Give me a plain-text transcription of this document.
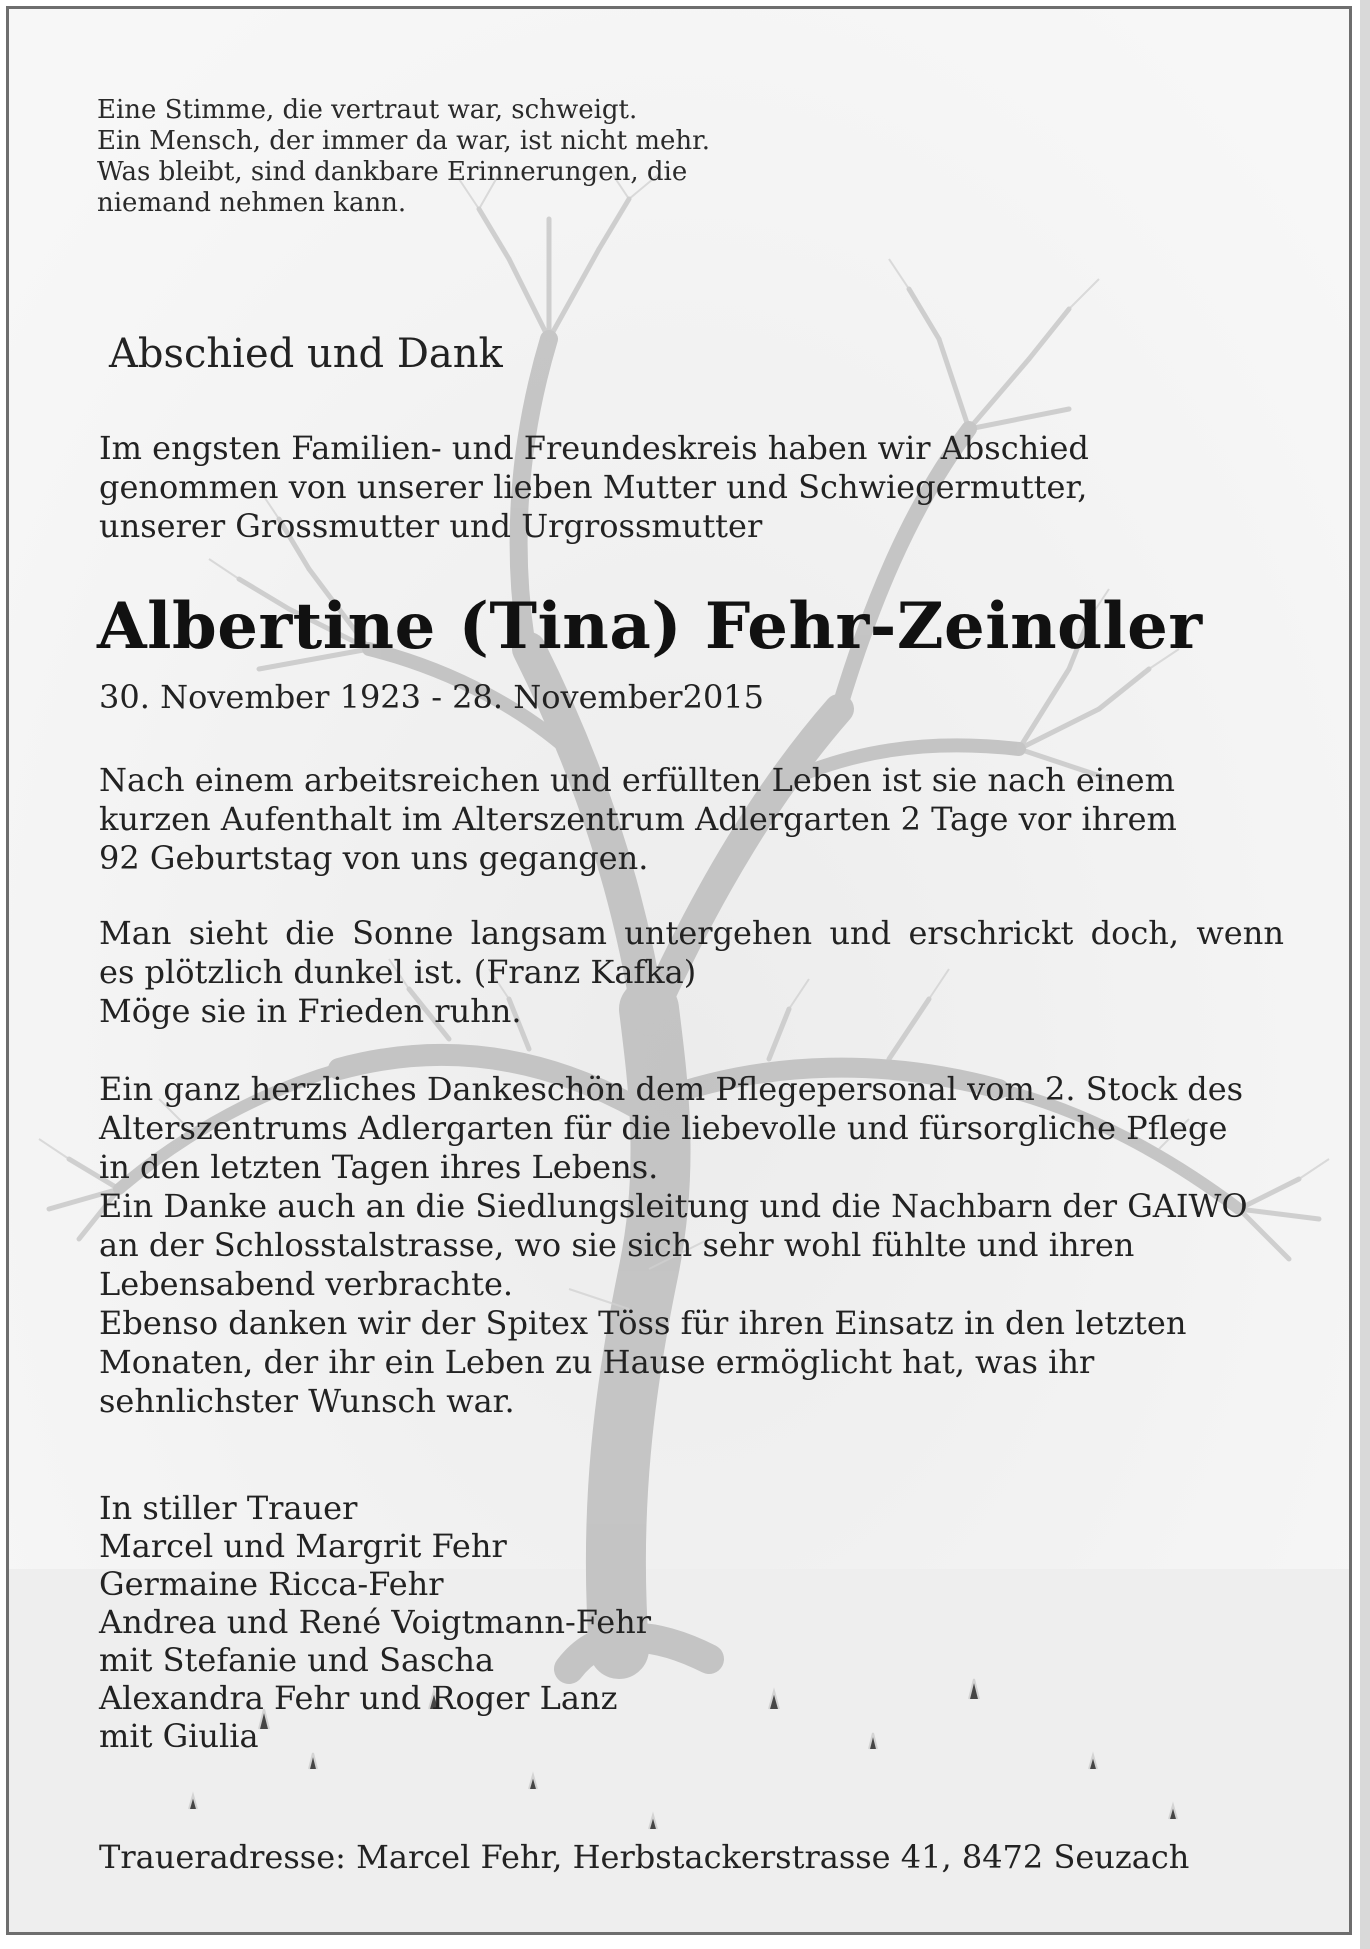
Eine Stimme, die vertraut war, schweigt.
Ein Mensch, der immer da war, ist nicht mehr.
Was bleibt, sind dankbare Erinnerungen, die
niemand nehmen kann.
Abschied und Dank
Im engsten Familien- und Freundeskreis haben wir Abschied
genommen von unserer lieben Mutter und Schwiegermutter,
unserer Grossmutter und Urgrossmutter
Albertine (Tina) Fehr-Zeindler
30. November 1923 - 28. November2015
Nach einem arbeitsreichen und erfüllten Leben ist sie nach einem
kurzen Aufenthalt im Alterszentrum Adlergarten 2 Tage vor ihrem
92 Geburtstag von uns gegangen.
Man sieht die Sonne langsam untergehen und erschrickt doch, wenn
es plötzlich dunkel ist. (Franz Kafka)
Möge sie in Frieden ruhn.
Ein ganz herzliches Dankeschön dem Pflegepersonal vom 2. Stock des
Alterszentrums Adlergarten für die liebevolle und fürsorgliche Pflege
in den letzten Tagen ihres Lebens.
Ein Danke auch an die Siedlungsleitung und die Nachbarn der GAIWO
an der Schlosstalstrasse, wo sie sich sehr wohl fühlte und ihren
Lebensabend verbrachte.
Ebenso danken wir der Spitex Töss für ihren Einsatz in den letzten
Monaten, der ihr ein Leben zu Hause ermöglicht hat, was ihr
sehnlichster Wunsch war.
In stiller Trauer
Marcel und Margrit Fehr
Germaine Ricca-Fehr
Andrea und René Voigtmann-Fehr
mit Stefanie und Sascha
Alexandra Fehr und Roger Lanz
mit Giulia
Traueradresse: Marcel Fehr, Herbstackerstrasse 41, 8472 Seuzach
